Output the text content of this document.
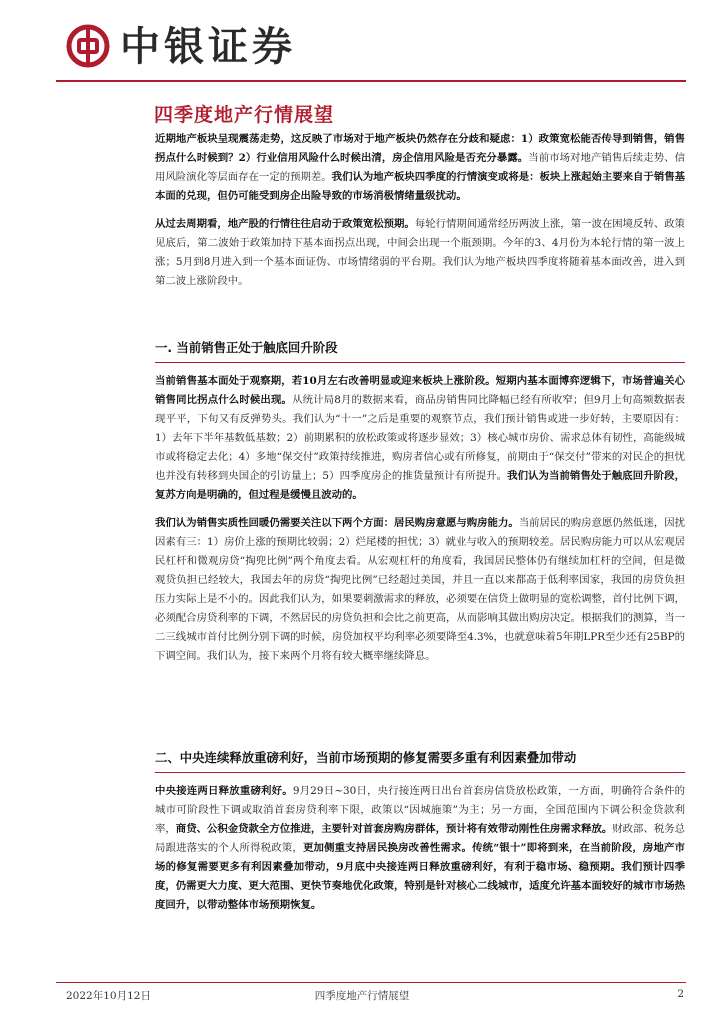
中银证券
四季度地产行情展望

近期地产板块呈现震荡走势，这反映了市场对于地产板块仍然存在分歧和疑虑：1）政策宽松能否传导到销售，销售拐点什么时候到？2）行业信用风险什么时候出清，房企信用风险是否充分暴露。当前市场对地产销售后续走势、信用风险演化等层面存在一定的预期差。我们认为地产板块四季度的行情演变或将是：板块上涨起始主要来自于销售基本面的兑现，但仍可能受到房企出险导致的市场消极情绪量级扰动。

从过去周期看，地产股的行情往往启动于政策宽松预期。每轮行情期间通常经历两波上涨，第一波在困境反转、政策见底后，第二波始于政策加持下基本面拐点出现，中间会出现一个瓶颈期。今年的3、4月份为本轮行情的第一波上涨；5月到8月进入到一个基本面证伪、市场情绪弱的平台期。我们认为地产板块四季度将随着基本面改善，进入到第二波上涨阶段中。

一. 当前销售正处于触底回升阶段

当前销售基本面处于观察期，若10月左右改善明显或迎来板块上涨阶段。短期内基本面博弈逻辑下，市场普遍关心销售同比拐点什么时候出现。从统计局8月的数据来看，商品房销售同比降幅已经有所收窄；但9月上旬高频数据表现平平，下旬又有反弹势头。我们认为“十一”之后是重要的观察节点，我们预计销售或进一步好转，主要原因有：1）去年下半年基数低基数；2）前期累积的放松政策或将逐步显效；3）核心城市房价、需求总体有韧性，高能级城市或将稳定去化；4）多地“保交付”政策持续推进，购房者信心或有所修复，前期由于“保交付”带来的对民企的担忧也并没有转移到央国企的引访量上；5）四季度房企的推货量预计有所提升。我们认为当前销售处于触底回升阶段，复苏方向是明确的，但过程是缓慢且波动的。

我们认为销售实质性回暖仍需要关注以下两个方面：居民购房意愿与购房能力。当前居民的购房意愿仍然低迷，因扰因素有三：1）房价上涨的预期比较弱；2）烂尾楼的担忧；3）就业与收入的预期较差。居民购房能力可以从宏观居民杠杆和微观房贷“掏兜比例”两个角度去看。从宏观杠杆的角度看，我国居民整体仍有继续加杠杆的空间，但是微观贷负担已经较大，我国去年的房贷“掏兜比例”已经超过美国，并且一直以来都高于低利率国家，我国的房贷负担压力实际上是不小的。因此我们认为，如果要刺激需求的释放，必须要在信贷上做明显的宽松调整，首付比例下调，必须配合房贷利率的下调，不然居民的房贷负担和会比之前更高，从而影响其做出购房决定。根据我们的测算，当一二三线城市首付比例分别下调的时候，房贷加权平均利率必须要降至4.3%，也就意味着5年期LPR至少还有25BP的下调空间。我们认为，接下来两个月将有较大概率继续降息。

二、中央连续释放重磅利好，当前市场预期的修复需要多重有利因素叠加带动

中央接连两日释放重磅利好。9月29日~30日，央行接连两日出台首套房信贷放松政策，一方面，明确符合条件的城市可阶段性下调或取消首套房贷利率下限，政策以“因城施策”为主；另一方面，全国范围内下调公积金贷款利率，商贷、公积金贷款全方位推进，主要针对首套房购房群体，预计将有效带动刚性住房需求释放。财政部、税务总局跟进落实的个人所得税政策，更加侧重支持居民换房改善性需求。传统“银十”即将到来，在当前阶段，房地产市场的修复需要更多有利因素叠加带动，9月底中央接连两日释放重磅利好，有利于稳市场、稳预期。我们预计四季度，仍需更大力度、更大范围、更快节奏地优化政策，特别是针对核心二线城市，适度允许基本面较好的城市市场热度回升，以带动整体市场预期恢复。

2022年10月12日	四季度地产行情展望	2
